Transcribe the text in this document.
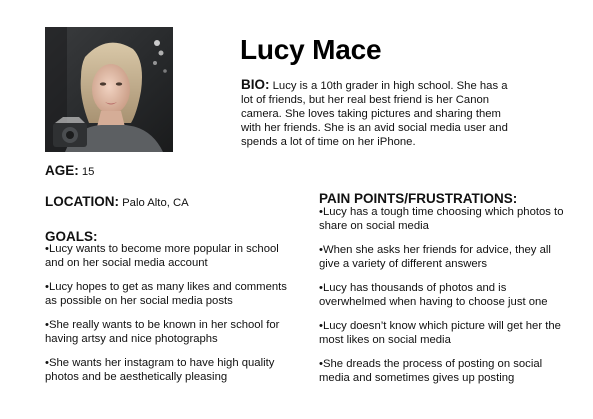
Lucy Mace
BIO: Lucy is a 10th grader in high school. She has a lot of friends, but her real best friend is her Canon camera. She loves taking pictures and sharing them with her friends. She is an avid social media user and spends a lot of time on her iPhone.
AGE: 15
LOCATION: Palo Alto, CA
GOALS:
•Lucy wants to become more popular in school and on her social media account
•Lucy hopes to get as many likes and comments as possible on her social media posts
•She really wants to be known in her school for having artsy and nice photographs
•She wants her instagram to have high quality photos and be aesthetically pleasing
PAIN POINTS/FRUSTRATIONS:
•Lucy has a tough time choosing which photos to share on social media
•When she asks her friends for advice, they all give a variety of different answers
•Lucy has thousands of photos and is overwhelmed when having to choose just one
•Lucy doesn’t know which picture will get her the most likes on social media
•She dreads the process of posting on social media and sometimes gives up posting
